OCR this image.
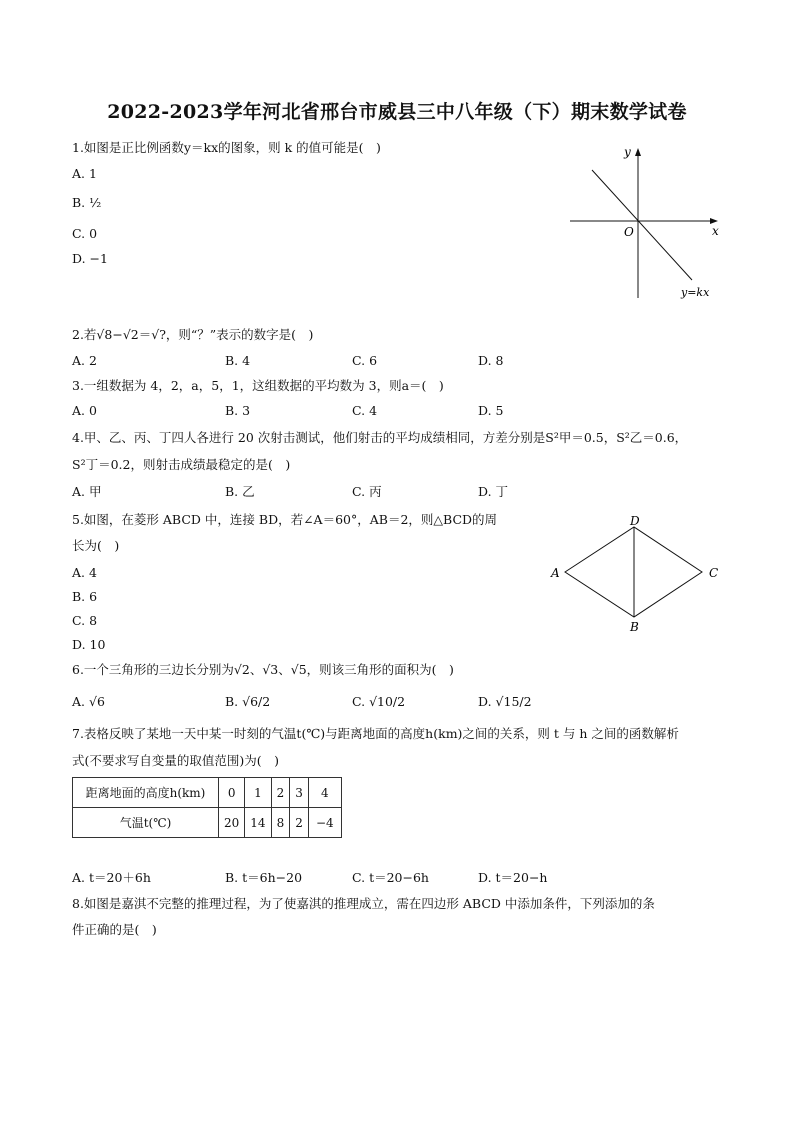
2022-2023学年河北省邢台市威县三中八年级（下）期末数学试卷
1.如图是正比例函数y＝kx的图象，则 k 的值可能是(　)
A. 1
B. ½
C. 0
D. −1
y
x
O
y=kx
2.若√8−√2＝√?，则“？”表示的数字是(　)
A. 2	B. 4	C. 6	D. 8
3.一组数据为 4，2，a，5，1，这组数据的平均数为 3，则a＝(　)
A. 0	B. 3	C. 4	D. 5
4.甲、乙、丙、丁四人各进行 20 次射击测试，他们射击的平均成绩相同，方差分别是S²甲＝0.5，S²乙＝0.6，
S²丁＝0.2，则射击成绩最稳定的是(　)
A. 甲	B. 乙	C. 丙	D. 丁
5.如图，在菱形 ABCD 中，连接 BD，若∠A＝60°，AB＝2，则△BCD的周
长为(　)
A. 4
B. 6
C. 8
D. 10
A
D
C
B
6.一个三角形的三边长分别为√2、√3、√5，则该三角形的面积为(　)
A. √6	B. √6/2	C. √10/2	D. √15/2
7.表格反映了某地一天中某一时刻的气温t(℃)与距离地面的高度h(km)之间的关系，则 t 与 h 之间的函数解析
式(不要求写自变量的取值范围)为(　)
距离地面的高度h(km)	0	1	2	3	4
气温t(℃)	20	14	8	2	−4
A. t＝20＋6h	B. t＝6h−20	C. t＝20−6h	D. t＝20−h
8.如图是嘉淇不完整的推理过程，为了使嘉淇的推理成立，需在四边形 ABCD 中添加条件，下列添加的条
件正确的是(　)
